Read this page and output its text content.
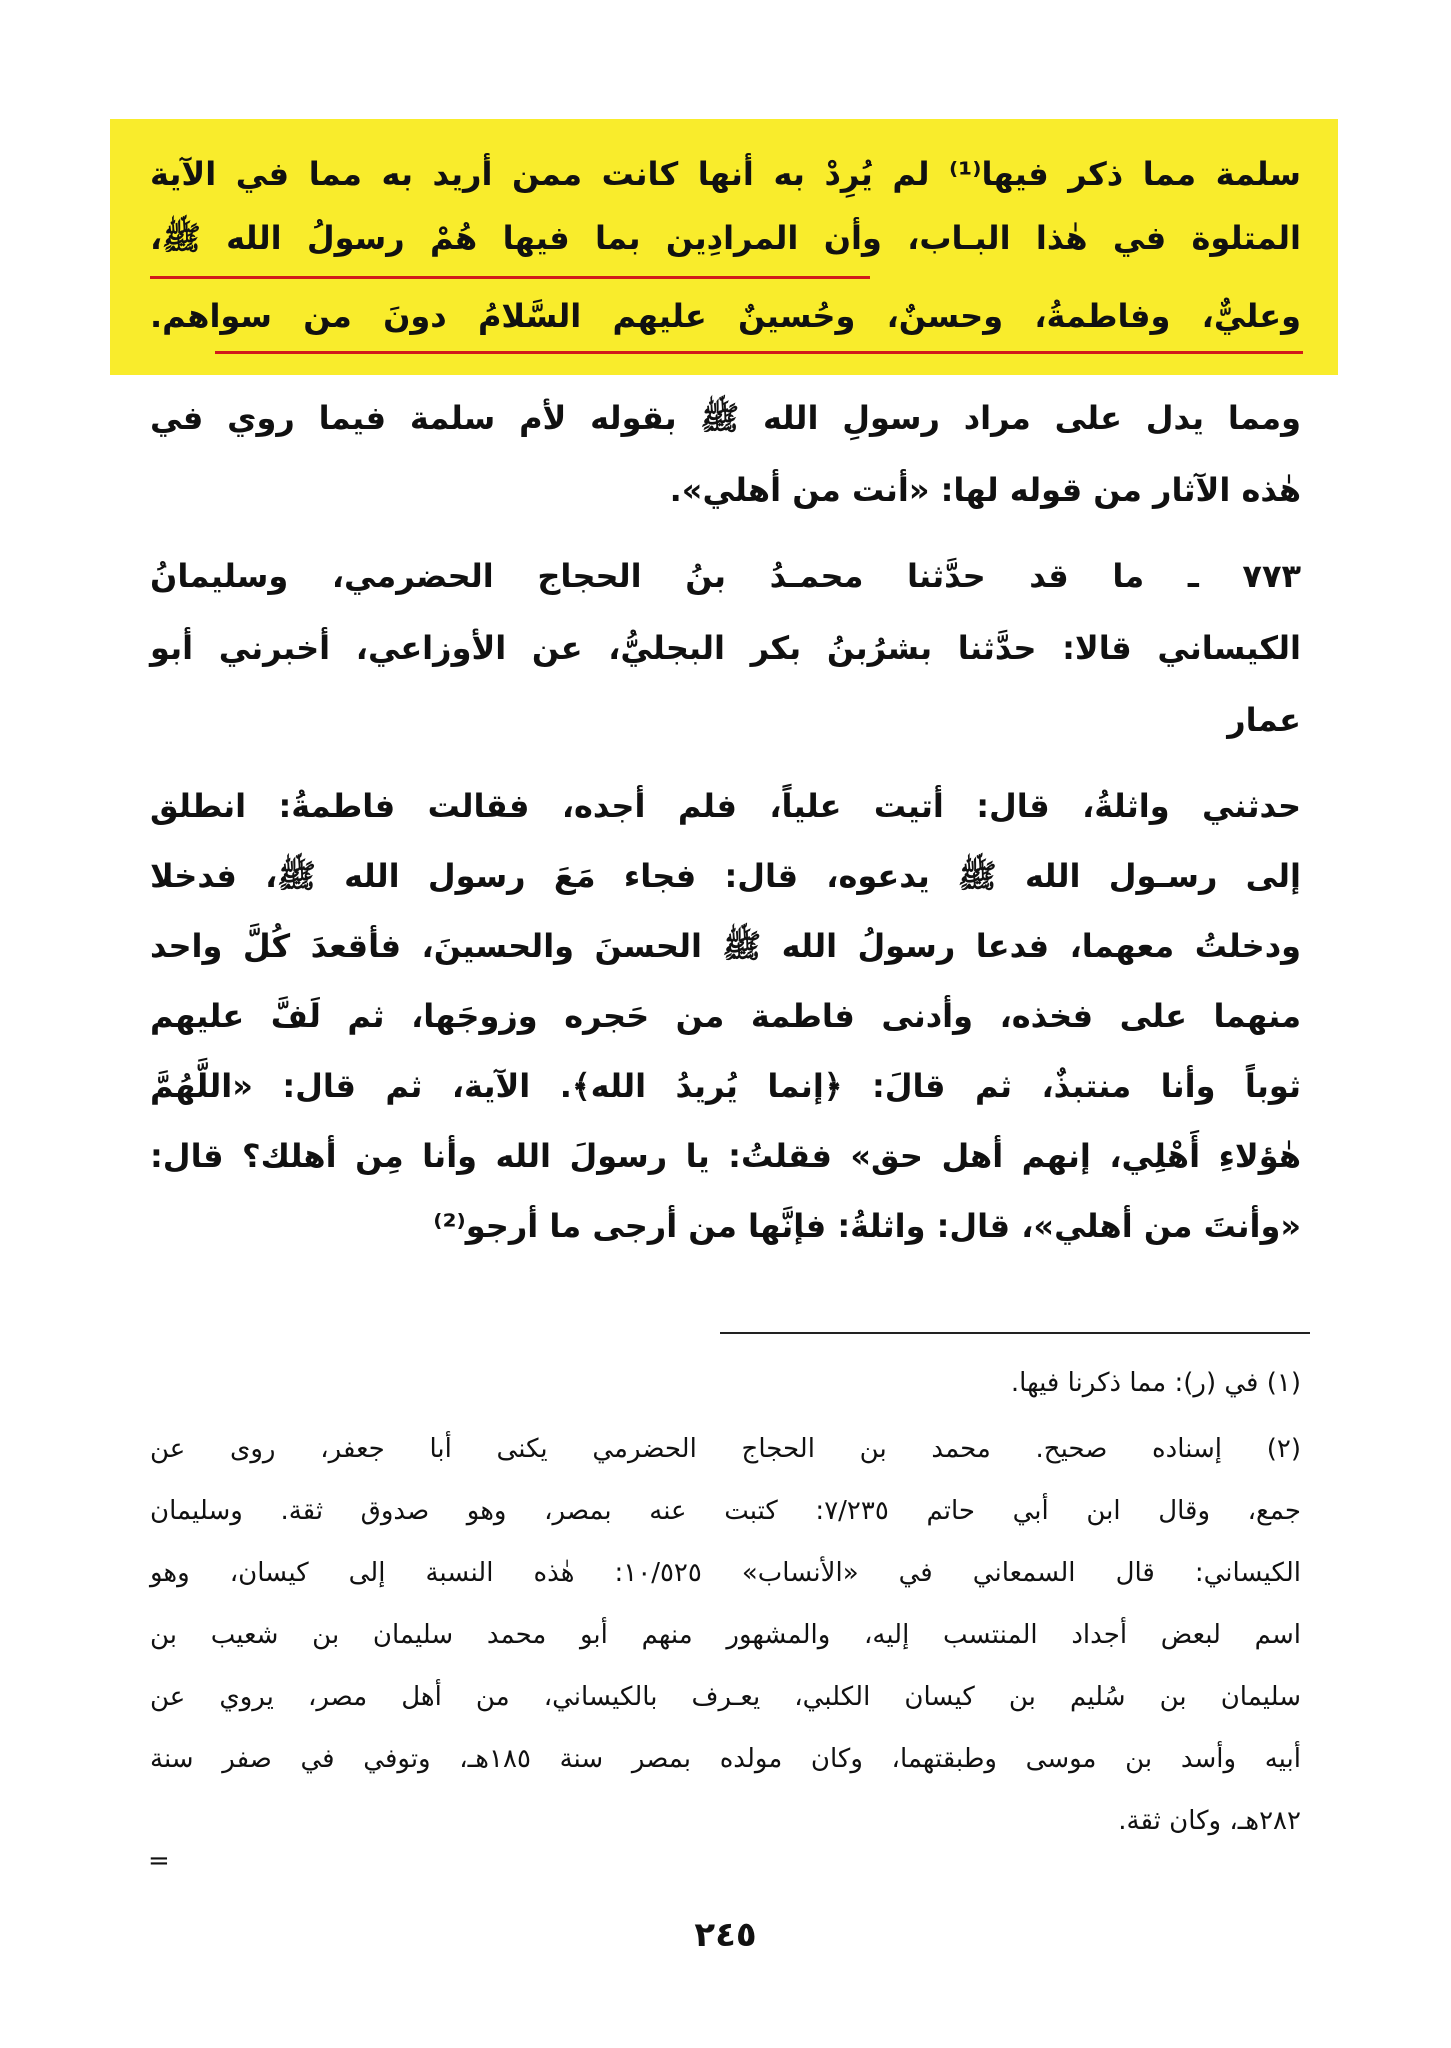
سلمة مما ذكر فيها⁽¹⁾ لم يُرِدْ به أنها كانت ممن أريد به مما في الآية
المتلوة في هٰذا البـاب، وأن المرادِين بما فيها هُمْ رسولُ الله ﷺ،
وعليٌّ، وفاطمةُ، وحسنٌ، وحُسينٌ عليهم السَّلامُ دونَ من سواهم.
ومما يدل على مراد رسولِ الله ﷺ بقوله لأم سلمة فيما روي في
هٰذه الآثار من قوله لها: «أنت من أهلي».
٧٧٣ ـ ما قد حدَّثنا محمـدُ بنُ الحجاج الحضرمي، وسليمانُ
الكيساني قالا: حدَّثنا بشرُبنُ بكر البجليُّ، عن الأوزاعي، أخبرني أبو
عمار
حدثني واثلةُ، قال: أتيت علياً، فلم أجده، فقالت فاطمةُ: انطلق
إلى رسـول الله ﷺ يدعوه، قال: فجاء مَعَ رسول الله ﷺ، فدخلا
ودخلتُ معهما، فدعا رسولُ الله ﷺ الحسنَ والحسينَ، فأقعدَ كُلَّ واحد
منهما على فخذه، وأدنى فاطمة من حَجره وزوجَها، ثم لَفَّ عليهم
ثوباً وأنا منتبذٌ، ثم قالَ: ﴿إنما يُريدُ الله﴾. الآية، ثم قال: «اللَّهُمَّ
هٰؤلاءِ أَهْلِي، إنهم أهل حق» فقلتُ: يا رسولَ الله وأنا مِن أهلك؟ قال:
«وأنتَ من أهلي»، قال: واثلةُ: فإنَّها من أرجى ما أرجو⁽²⁾
(١) في (ر): مما ذكرنا فيها.
(٢) إسناده صحيح. محمد بن الحجاج الحضرمي يكنى أبا جعفر، روى عن
جمع، وقال ابن أبي حاتم ٧/٢٣٥: كتبت عنه بمصر، وهو صدوق ثقة. وسليمان
الكيساني: قال السمعاني في «الأنساب» ١٠/٥٢٥: هٰذه النسبة إلى كيسان، وهو
اسم لبعض أجداد المنتسب إليه، والمشهور منهم أبو محمد سليمان بن شعيب بن
سليمان بن سُليم بن كيسان الكلبي، يعـرف بالكيساني، من أهل مصر، يروي عن
أبيه وأسد بن موسى وطبقتهما، وكان مولده بمصر سنة ١٨٥هـ، وتوفي في صفر سنة
٢٨٢هـ، وكان ثقة.
=
٢٤٥
